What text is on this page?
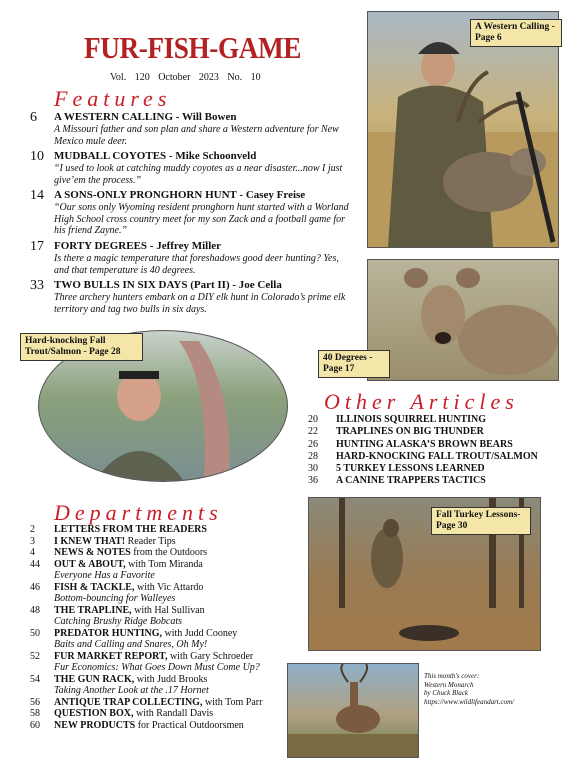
FUR-FISH-GAME
Vol. 120 October 2023 No. 10
Features
6 A WESTERN CALLING - Will Bowen
A Missouri father and son plan and share a Western adventure for New Mexico mule deer.
10 MUDBALL COYOTES - Mike Schoonveld
“I used to look at catching muddy coyotes as a near disaster...now I just give’em the process.”
14 A SONS-ONLY PRONGHORN HUNT - Casey Freise
“Our sons only Wyoming resident pronghorn hunt started with a Worland High School cross country meet for my son Zack and a football game for his friend Zayne.”
17 FORTY DEGREES - Jeffrey Miller
Is there a magic temperature that foreshadows good deer hunting? Yes, and that temperature is 40 degrees.
33 TWO BULLS IN SIX DAYS (Part II) - Joe Cella
Three archery hunters embark on a DIY elk hunt in Colorado’s prime elk territory and tag two bulls in six days.
A Western Calling - Page 6
40 Degrees - Page 17
Hard-knocking Fall Trout/Salmon - Page 28
Fall Turkey Lessons- Page 30
This month's cover:
Western Monarch
by Chuck Black
https://www.wildlifeandart.com/
Other Articles
20	ILLINOIS SQUIRREL HUNTING
22	TRAPLINES ON BIG THUNDER
26	HUNTING ALASKA’S BROWN BEARS
28	HARD-KNOCKING FALL TROUT/SALMON
30	5 TURKEY LESSONS LEARNED
36	A CANINE TRAPPERS TACTICS
Departments
2	LETTERS FROM THE READERS
3	I KNEW THAT! Reader Tips
4	NEWS & NOTES from the Outdoors
44	OUT & ABOUT, with Tom Miranda
Everyone Has a Favorite
46	FISH & TACKLE, with Vic Attardo
Bottom-bouncing for Walleyes
48	THE TRAPLINE, with Hal Sullivan
Catching Brushy Ridge Bobcats
50	PREDATOR HUNTING, with Judd Cooney
Baits and Calling and Snares, Oh My!
52	FUR MARKET REPORT, with Gary Schroeder
Fur Economics: What Goes Down Must Come Up?
54	THE GUN RACK, with Judd Brooks
Taking Another Look at the .17 Hornet
56	ANTIQUE TRAP COLLECTING, with Tom Parr
58	QUESTION BOX, with Randall Davis
60	NEW PRODUCTS for Practical Outdoorsmen
